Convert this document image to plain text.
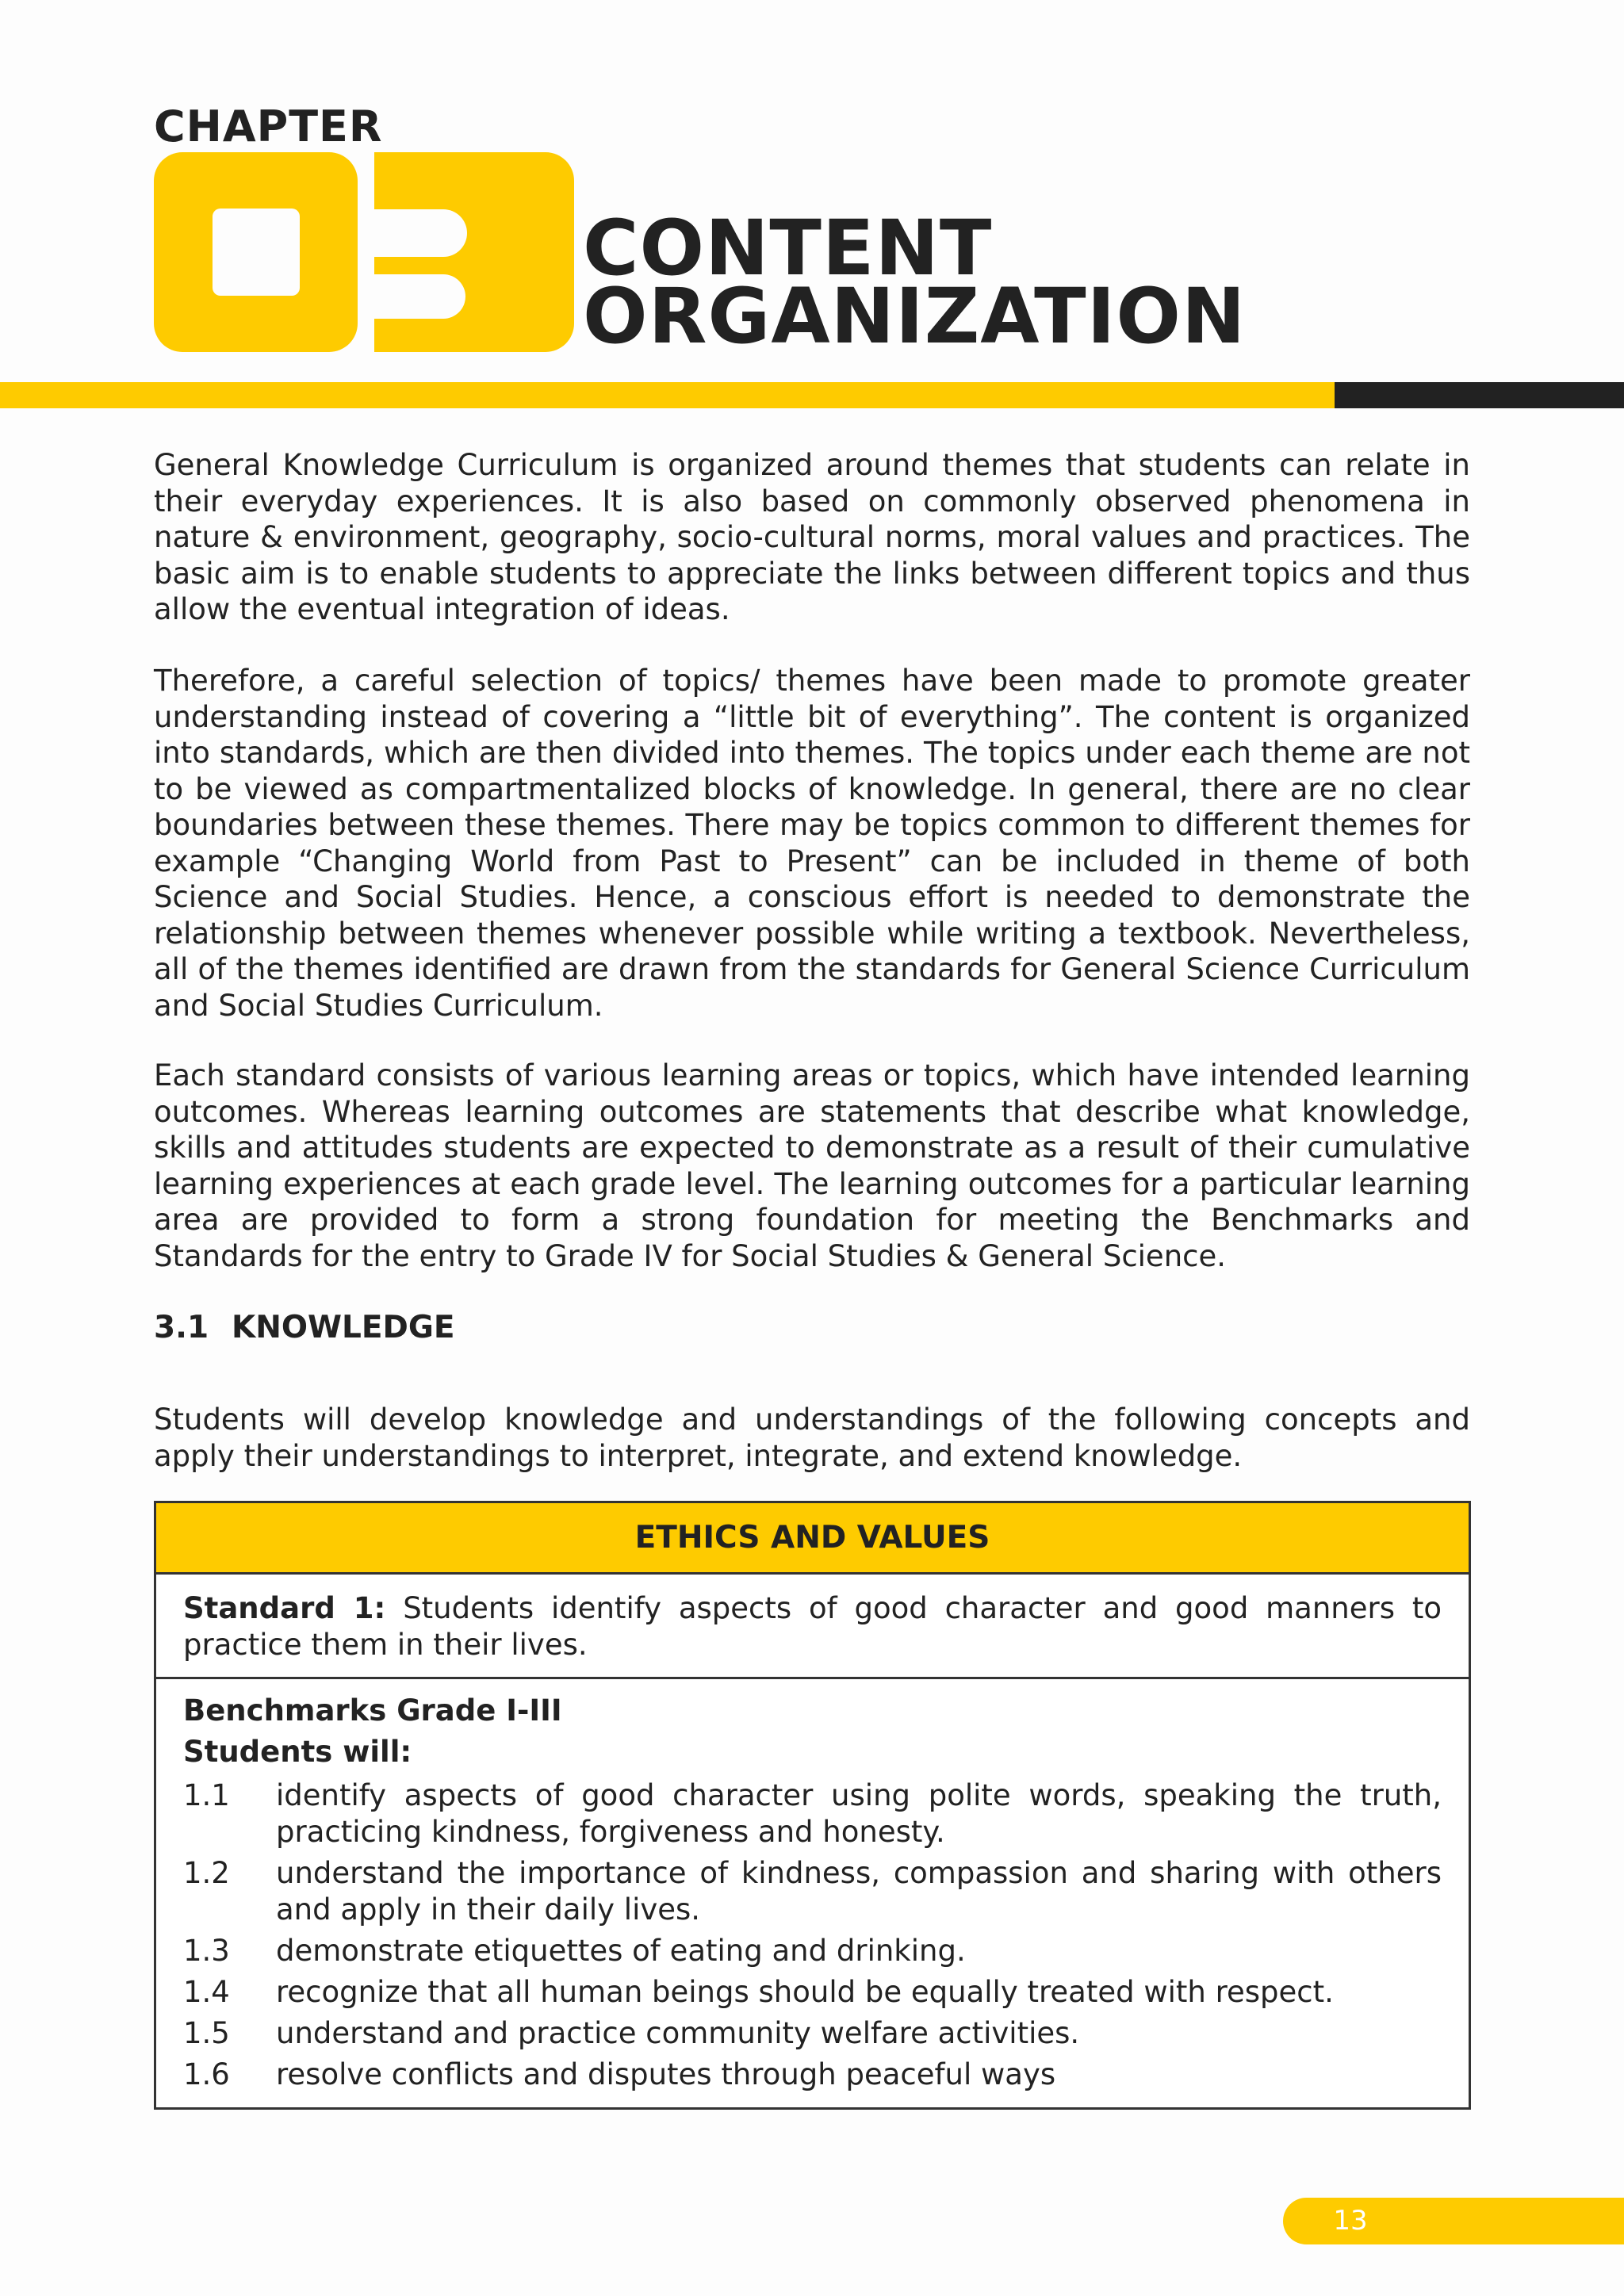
CHAPTER
CONTENT
ORGANIZATION

General Knowledge Curriculum is organized around themes that students can relate in their everyday experiences. It is also based on commonly observed phenomena in nature & environment, geography, socio-cultural norms, moral values and practices. The basic aim is to enable students to appreciate the links between different topics and thus allow the eventual integration of ideas.

Therefore, a careful selection of topics/ themes have been made to promote greater understanding instead of covering a “little bit of everything”. The content is organized into standards, which are then divided into themes. The topics under each theme are not to be viewed as compartmentalized blocks of knowledge. In general, there are no clear boundaries between these themes. There may be topics common to different themes for example “Changing World from Past to Present” can be included in theme of both Science and Social Studies. Hence, a conscious effort is needed to demonstrate the relationship between themes whenever possible while writing a textbook. Nevertheless, all of the themes identified are drawn from the standards for General Science Curriculum and Social Studies Curriculum.

Each standard consists of various learning areas or topics, which have intended learning outcomes. Whereas learning outcomes are statements that describe what knowledge, skills and attitudes students are expected to demonstrate as a result of their cumulative learning experiences at each grade level. The learning outcomes for a particular learning area are provided to form a strong foundation for meeting the Benchmarks and Standards for the entry to Grade IV for Social Studies & General Science.

3.1 KNOWLEDGE

Students will develop knowledge and understandings of the following concepts and apply their understandings to interpret, integrate, and extend knowledge.

ETHICS AND VALUES
Standard 1: Students identify aspects of good character and good manners to practice them in their lives.
Benchmarks Grade I-III
Students will:
1.1	identify aspects of good character using polite words, speaking the truth, practicing kindness, forgiveness and honesty.
1.2	understand the importance of kindness, compassion and sharing with others and apply in their daily lives.
1.3	demonstrate etiquettes of eating and drinking.
1.4	recognize that all human beings should be equally treated with respect.
1.5	understand and practice community welfare activities.
1.6	resolve conflicts and disputes through peaceful ways
13
